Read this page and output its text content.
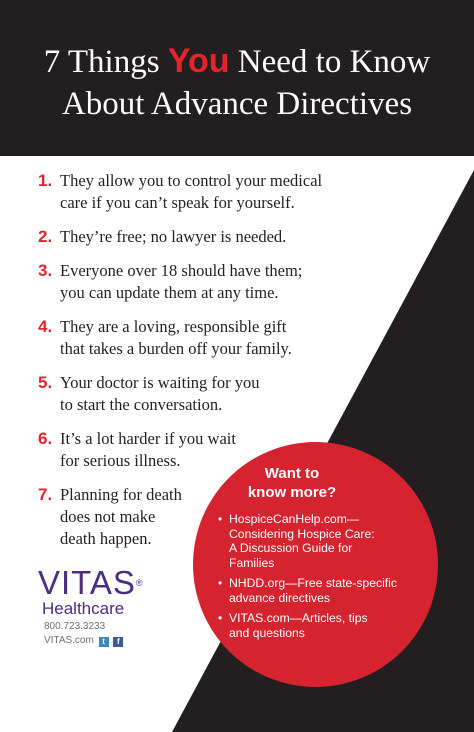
7 Things You Need to Know
About Advance Directives
1. They allow you to control your medical
care if you can’t speak for yourself.
2. They’re free; no lawyer is needed.
3. Everyone over 18 should have them;
you can update them at any time.
4. They are a loving, responsible gift
that takes a burden off your family.
5. Your doctor is waiting for you
to start the conversation.
6. It’s a lot harder if you wait
for serious illness.
7. Planning for death
does not make
death happen.
VITAS®
Healthcare
800.723.3233
VITAS.com t f
Want to
know more?
• HospiceCanHelp.com—
Considering Hospice Care:
A Discussion Guide for
Families
• NHDD.org—Free state-specific
advance directives
• VITAS.com—Articles, tips
and questions
